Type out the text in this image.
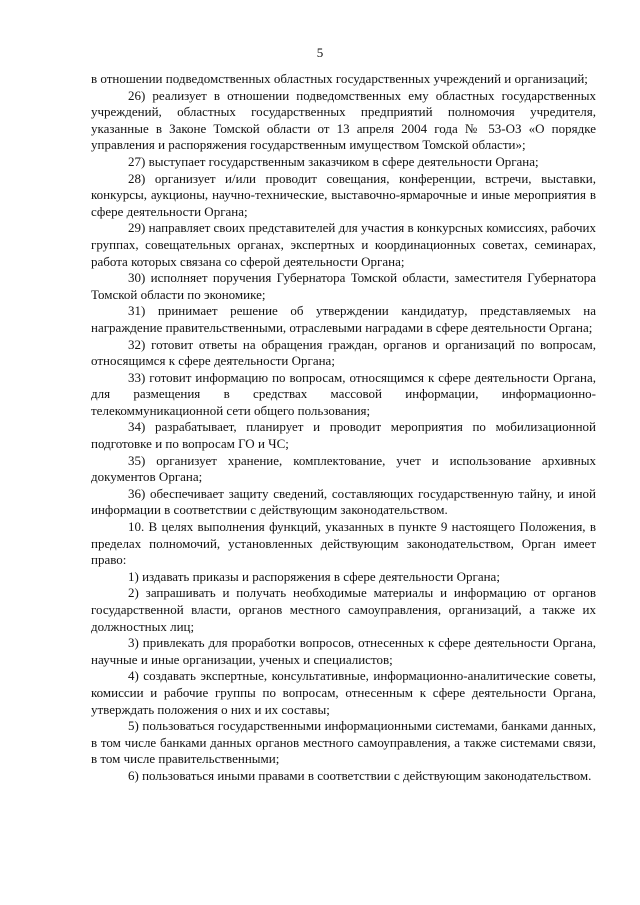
5

в отношении подведомственных областных государственных учреждений и организаций;

26) реализует в отношении подведомственных ему областных государственных учреждений, областных государственных предприятий полномочия учредителя, указанные в Законе Томской области от 13 апреля 2004 года № 53-ОЗ «О порядке управления и распоряжения государственным имуществом Томской области»;

27) выступает государственным заказчиком в сфере деятельности Органа;

28) организует и/или проводит совещания, конференции, встречи, выставки, конкурсы, аукционы, научно-технические, выставочно-ярмарочные и иные мероприятия в сфере деятельности Органа;

29) направляет своих представителей для участия в конкурсных комиссиях, рабочих группах, совещательных органах, экспертных и координационных советах, семинарах, работа которых связана со сферой деятельности Органа;

30) исполняет поручения Губернатора Томской области, заместителя Губернатора Томской области по экономике;

31) принимает решение об утверждении кандидатур, представляемых на награждение правительственными, отраслевыми наградами в сфере деятельности Органа;

32) готовит ответы на обращения граждан, органов и организаций по вопросам, относящимся к сфере деятельности Органа;

33) готовит информацию по вопросам, относящимся к сфере деятельности Органа, для размещения в средствах массовой информации, информационно-телекоммуникационной сети общего пользования;

34) разрабатывает, планирует и проводит мероприятия по мобилизационной подготовке и по вопросам ГО и ЧС;

35) организует хранение, комплектование, учет и использование архивных документов Органа;

36) обеспечивает защиту сведений, составляющих государственную тайну, и иной информации в соответствии с действующим законодательством.

10. В целях выполнения функций, указанных в пункте 9 настоящего Положения, в пределах полномочий, установленных действующим законодательством, Орган имеет право:

1) издавать приказы и распоряжения в сфере деятельности Органа;

2) запрашивать и получать необходимые материалы и информацию от органов государственной власти, органов местного самоуправления, организаций, а также их должностных лиц;

3) привлекать для проработки вопросов, отнесенных к сфере деятельности Органа, научные и иные организации, ученых и специалистов;

4) создавать экспертные, консультативные, информационно-аналитические советы, комиссии и рабочие группы по вопросам, отнесенным к сфере деятельности Органа, утверждать положения о них и их составы;

5) пользоваться государственными информационными системами, банками данных, в том числе банками данных органов местного самоуправления, а также системами связи, в том числе правительственными;

6) пользоваться иными правами в соответствии с действующим законодательством.
